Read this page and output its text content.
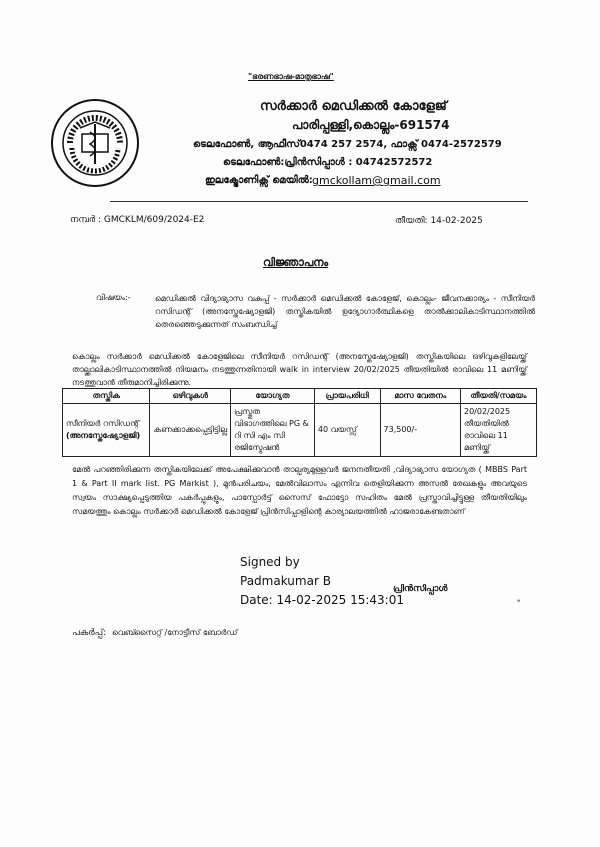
"ഭരണഭാഷ-മാതൃഭാഷ"
സർക്കാർ മെഡിക്കൽ കോളേജ്
പാരിപ്പള്ളി,കൊല്ലം-691574
ടെലഫോൺ, ആഫീസ്0474 257 2574, ഫാക്സ് 0474-2572579
ടെലഫോൺ:പ്രിൻസിപ്പാൾ : 04742572572
ഇലക്ട്രോണിക്സ് മെയിൽ: gmckollam@gmail.com
നമ്പർ : GMCKLM/609/2024-E2	തീയതി: 14-02-2025
വിജ്ഞാപനം
വിഷയം:-	മെഡിക്കൽ വിദ്യാഭ്യാസ വകുപ്പ് - സർക്കാർ മെഡിക്കൽ കോളേജ്, കൊല്ലം- ജീവനക്കാര്യം - സീനിയർ റസിഡന്റ് (അനസ്തേഷ്യോളജി) തസ്തികയിൽ ഉദ്യോഗാർത്ഥികളെ താൽക്കാലികാടിസ്ഥാനത്തിൽ തെരഞ്ഞെടുക്കുന്നത് സംബന്ധിച്ച്
കൊല്ലം സർക്കാർ മെഡിക്കൽ കോളേജിലെ സീനിയർ റസിഡന്റ് (അനസ്തേഷ്യോളജി) തസ്തികയിലെ ഒഴിവുകളിലേയ്ക്ക് താല്ക്കാലികാടിസ്ഥാനത്തിൽ നിയമനം നടത്തുന്നതിനായി walk in interview 20/02/2025 തീയതിയിൽ രാവിലെ 11 മണിയ്ക്ക് നടത്തുവാൻ തീരുമാനിച്ചിരിക്കുന്നു.
തസ്തിക	ഒഴിവുകൾ	യോഗ്യത	പ്രായപരിധി	മാസ വേതനം	തീയതി/സമയം

സീനിയർ റസിഡന്റ്
(അനസ്തേഷ്യോളജി)	കണക്കാക്കപ്പെട്ടിട്ടില്ല	പ്രസ്തുത വിഭാഗത്തിലെ PG & റി സി എം സി രജിസ്ട്രേഷൻ	40 വയസ്സ്	73,500/-	20/02/2025 തീയതിയിൽ രാവിലെ 11 മണിയ്ക്ക്
മേൽ പറഞ്ഞിരിക്കുന്ന തസ്തികയിലേക്ക് അപേക്ഷിക്കുവാൻ താല്പര്യമുള്ളവർ ജനനതീയതി ,വിദ്യാഭ്യാസ യോഗ്യത ( MBBS Part 1 & Part II mark list. PG Markist ), മുൻപരിചയം, മേൽവിലാസം എന്നിവ തെളിയിക്കുന്ന അസൽ രേഖകളും അവയുടെ സ്വയം സാക്ഷ്യപ്പെടുത്തിയ പകർപ്പുകളും, പാസ്പോർട്ട് സൈസ് ഫോട്ടോ സഹിതം മേൽ പ്രസ്താവിച്ചിട്ടുള്ള തീയതിയിലും സമയത്തും കൊല്ലം സർക്കാർ മെഡിക്കൽ കോളേജ് പ്രിൻസിപ്പാളിന്റെ കാര്യാലയത്തിൽ ഹാജരാകേണ്ടതാണ്
Signed by
Padmakumar B
Date: 14-02-2025 15:43:01
പ്രിൻസിപ്പാൾ
•
പകർപ്പ്: വെബ്സൈറ്റ് /നോട്ടീസ് ബോർഡ്
